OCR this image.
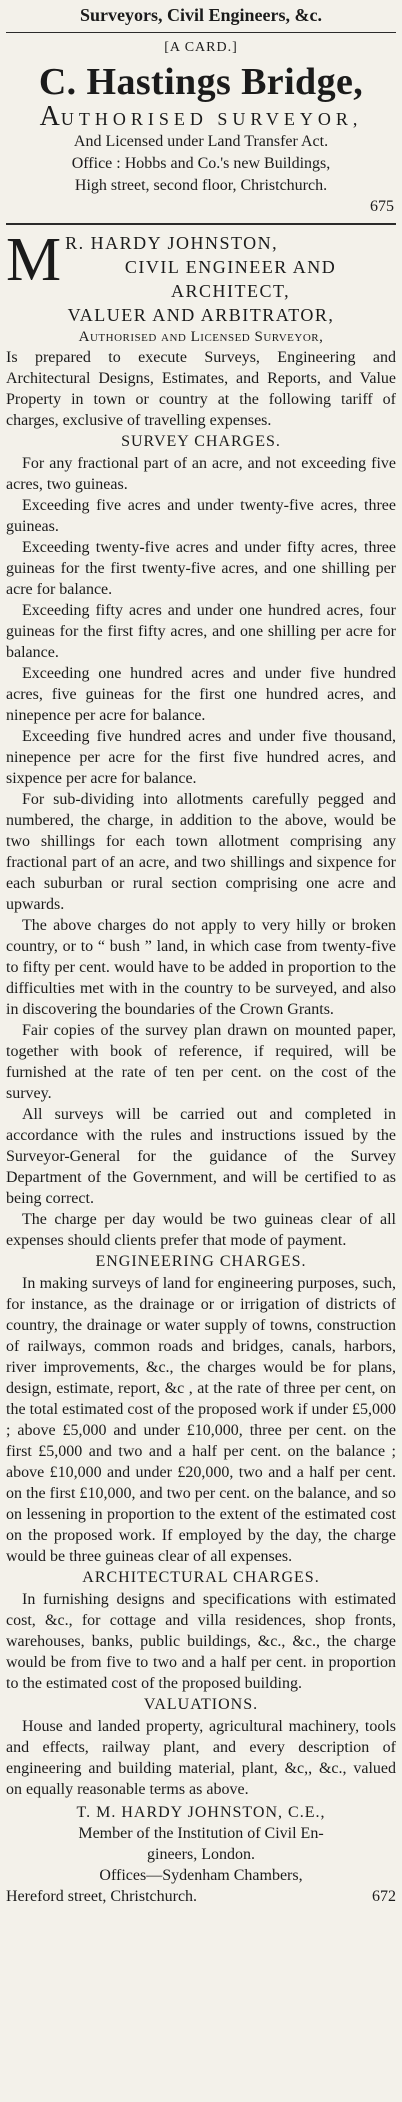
Surveyors, Civil Engineers, &c.
[A CARD.]
C. Hastings Bridge,
AUTHORISED SURVEYOR,
And Licensed under Land Transfer Act.
Office : Hobbs and Co.'s new Buildings,
High street, second floor, Christchurch.
675
M R. HARDY JOHNSTON,
CIVIL ENGINEER AND
ARCHITECT,
VALUER AND ARBITRATOR,
Authorised and Licensed Surveyor,

Is prepared to execute Surveys, Engineering and Architectural Designs, Estimates, and Reports, and Value Property in town or country at the following tariff of charges, exclusive of travelling expenses.

SURVEY CHARGES.

For any fractional part of an acre, and not exceeding five acres, two guineas.

Exceeding five acres and under twenty-five acres, three guineas.

Exceeding twenty-five acres and under fifty acres, three guineas for the first twenty-five acres, and one shilling per acre for balance.

Exceeding fifty acres and under one hundred acres, four guineas for the first fifty acres, and one shilling per acre for balance.

Exceeding one hundred acres and under five hundred acres, five guineas for the first one hundred acres, and ninepence per acre for balance.

Exceeding five hundred acres and under five thousand, ninepence per acre for the first five hundred acres, and sixpence per acre for balance.

For sub-dividing into allotments carefully pegged and numbered, the charge, in addition to the above, would be two shillings for each town allotment comprising any fractional part of an acre, and two shillings and sixpence for each suburban or rural section comprising one acre and upwards.

The above charges do not apply to very hilly or broken country, or to “ bush ” land, in which case from twenty-five to fifty per cent. would have to be added in proportion to the difficulties met with in the country to be surveyed, and also in discovering the boundaries of the Crown Grants.

Fair copies of the survey plan drawn on mounted paper, together with book of reference, if required, will be furnished at the rate of ten per cent. on the cost of the survey.

All surveys will be carried out and completed in accordance with the rules and instructions issued by the Surveyor-General for the guidance of the Survey Department of the Government, and will be certified to as being correct.

The charge per day would be two guineas clear of all expenses should clients prefer that mode of payment.

ENGINEERING CHARGES.

In making surveys of land for engineering purposes, such, for instance, as the drainage or or irrigation of districts of country, the drainage or water supply of towns, construction of railways, common roads and bridges, canals, harbors, river improvements, &c., the charges would be for plans, design, estimate, report, &c , at the rate of three per cent, on the total estimated cost of the proposed work if under £5,000 ; above £5,000 and under £10,000, three per cent. on the first £5,000 and two and a half per cent. on the balance ; above £10,000 and under £20,000, two and a half per cent. on the first £10,000, and two per cent. on the balance, and so on lessening in proportion to the extent of the estimated cost on the proposed work. If employed by the day, the charge would be three guineas clear of all expenses.

ARCHITECTURAL CHARGES.

In furnishing designs and specifications with estimated cost, &c., for cottage and villa residences, shop fronts, warehouses, banks, public buildings, &c., &c., the charge would be from five to two and a half per cent. in proportion to the estimated cost of the proposed building.

VALUATIONS.

House and landed property, agricultural machinery, tools and effects, railway plant, and every description of engineering and building material, plant, &c,, &c., valued on equally reasonable terms as above.

T. M. HARDY JOHNSTON, C.E.,
Member of the Institution of Civil En-
gineers, London.
Offices—Sydenham Chambers,
Hereford street, Christchurch.	672
